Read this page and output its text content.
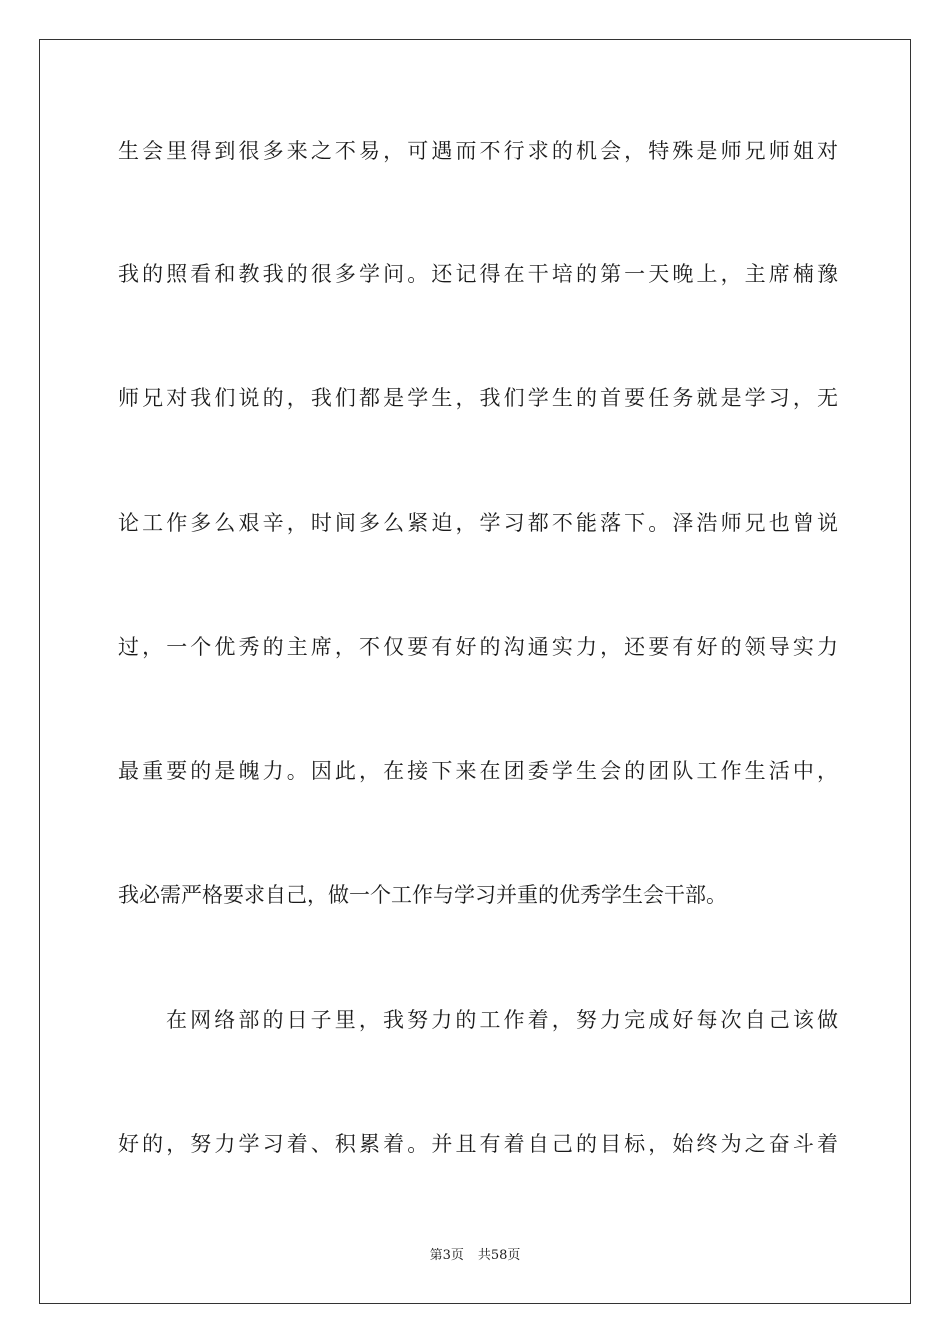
生会里得到很多来之不易，可遇而不行求的机会，特殊是师兄师姐对
我的照看和教我的很多学问。还记得在干培的第一天晚上，主席楠豫
师兄对我们说的，我们都是学生，我们学生的首要任务就是学习，无
论工作多么艰辛，时间多么紧迫，学习都不能落下。泽浩师兄也曾说
过，一个优秀的主席，不仅要有好的沟通实力，还要有好的领导实力
最重要的是魄力。因此，在接下来在团委学生会的团队工作生活中，
我必需严格要求自己，做一个工作与学习并重的优秀学生会干部。
在网络部的日子里，我努力的工作着，努力完成好每次自己该做
好的，努力学习着、积累着。并且有着自己的目标，始终为之奋斗着
第3页 共58页
